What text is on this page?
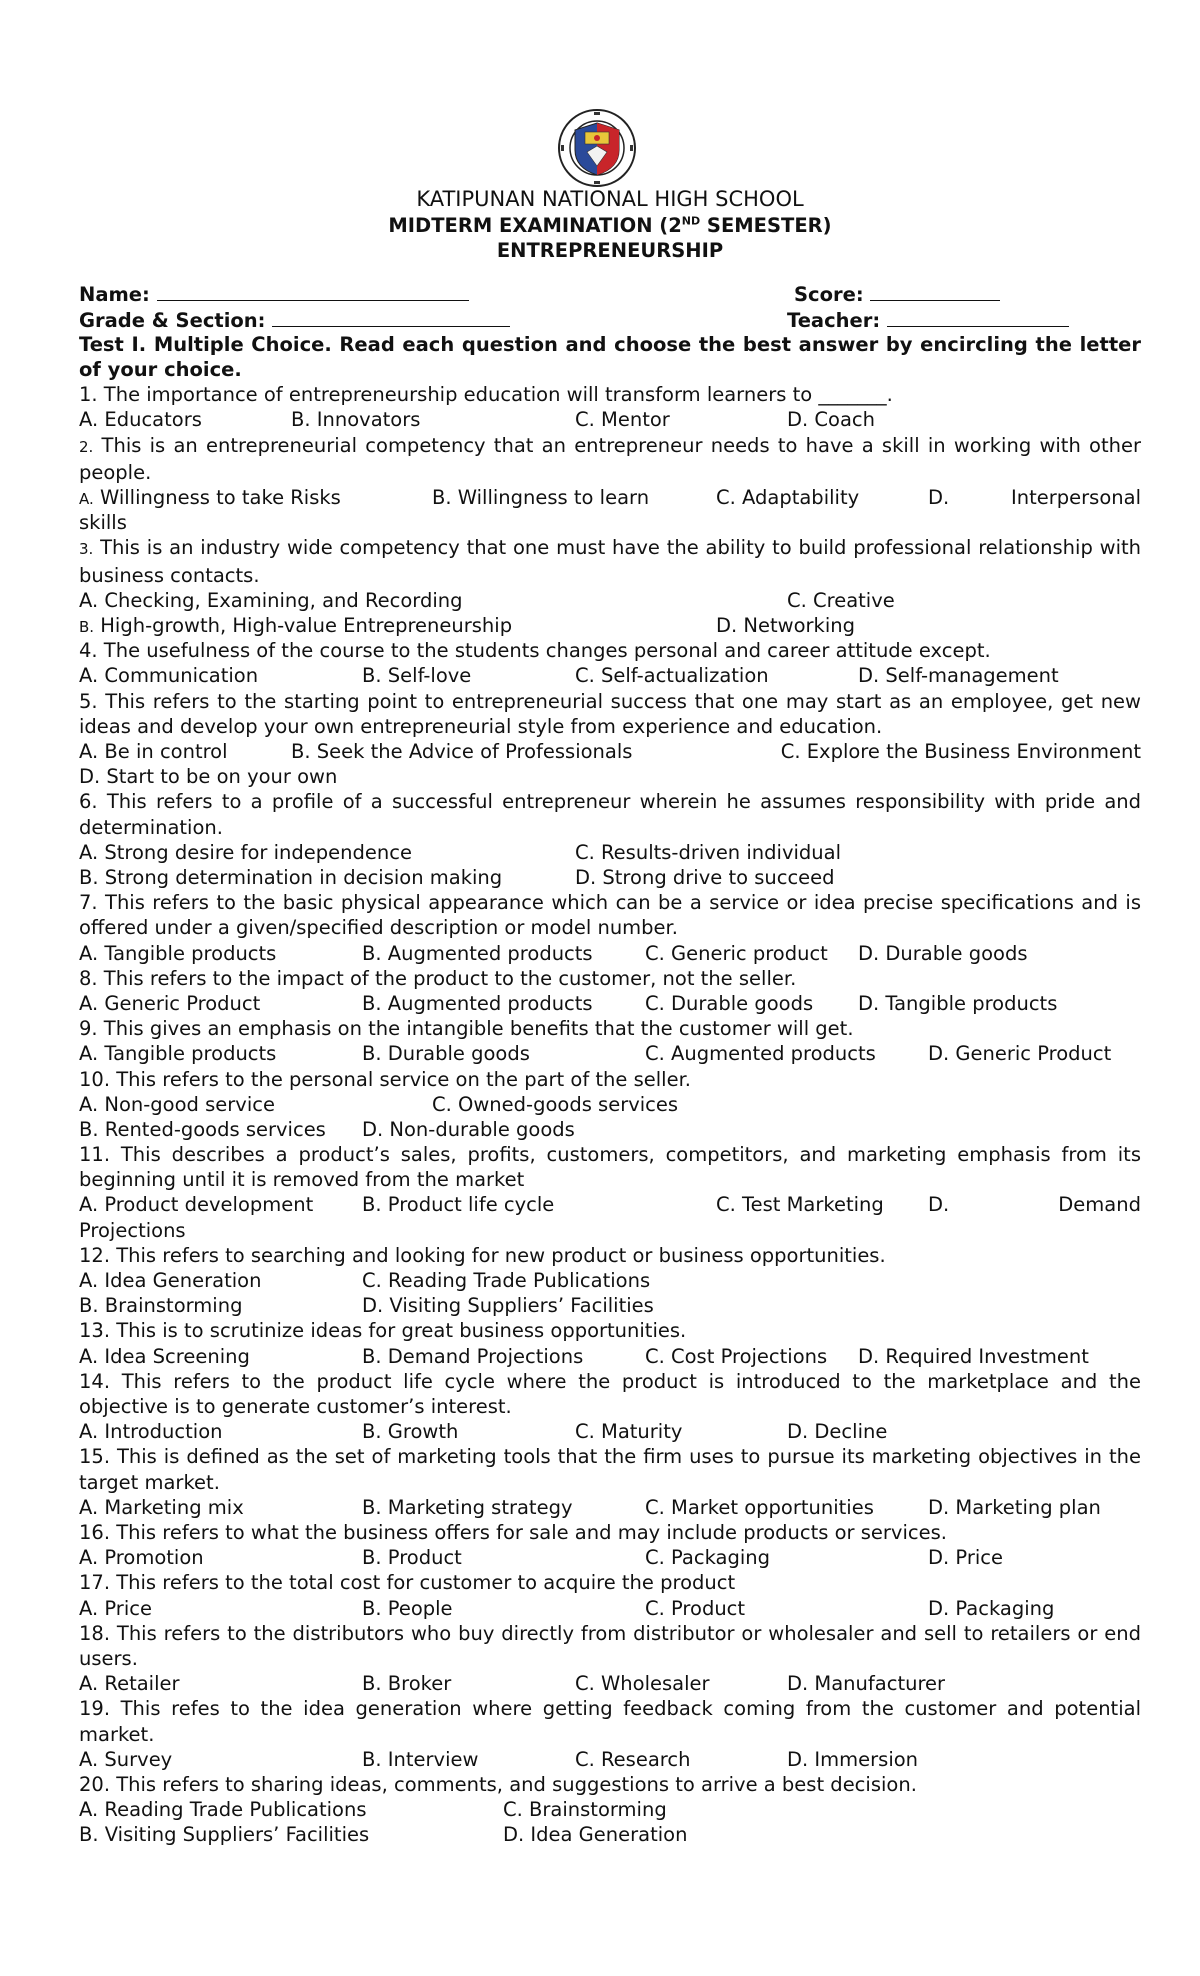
KATIPUNAN NATIONAL HIGH SCHOOL
MIDTERM EXAMINATION (2ND SEMESTER)
ENTREPRENEURSHIP
Name:	Score:
Grade & Section:	Teacher:
Test I. Multiple Choice. Read each question and choose the best answer by encircling the letter of your choice.
1. The importance of entrepreneurship education will transform learners to _______.
A. Educators	B. Innovators	C. Mentor	D. Coach
2. This is an entrepreneurial competency that an entrepreneur needs to have a skill in working with other people.
A. Willingness to take Risks	B. Willingness to learn	C. Adaptability	D.	Interpersonal
skills
3. This is an industry wide competency that one must have the ability to build professional relationship with business contacts.
A. Checking, Examining, and Recording	C. Creative
B. High-growth, High-value Entrepreneurship	D. Networking
4. The usefulness of the course to the students changes personal and career attitude except.
A. Communication	B. Self-love	C. Self-actualization	D. Self-management
5. This refers to the starting point to entrepreneurial success that one may start as an employee, get new ideas and develop your own entrepreneurial style from experience and education.
A. Be in control	B. Seek the Advice of Professionals	C. Explore the Business Environment
D. Start to be on your own
6. This refers to a profile of a successful entrepreneur wherein he assumes responsibility with pride and determination.
A. Strong desire for independence	C. Results-driven individual
B. Strong determination in decision making	D. Strong drive to succeed
7. This refers to the basic physical appearance which can be a service or idea precise specifications and is offered under a given/specified description or model number.
A. Tangible products	B. Augmented products	C. Generic product D. Durable goods
8. This refers to the impact of the product to the customer, not the seller.
A. Generic Product	B. Augmented products	C. Durable goods D. Tangible products
9. This gives an emphasis on the intangible benefits that the customer will get.
A. Tangible products	B. Durable goods	C. Augmented products	D. Generic Product
10. This refers to the personal service on the part of the seller.
A. Non-good service	C. Owned-goods services
B. Rented-goods services D. Non-durable goods
11. This describes a product’s sales, profits, customers, competitors, and marketing emphasis from its beginning until it is removed from the market
A. Product development B. Product life cycle	C. Test Marketing D.	Demand
Projections
12. This refers to searching and looking for new product or business opportunities.
A. Idea Generation	C. Reading Trade Publications
B. Brainstorming	D. Visiting Suppliers’ Facilities
13. This is to scrutinize ideas for great business opportunities.
A. Idea Screening	B. Demand Projections	C. Cost Projections D. Required Investment
14. This refers to the product life cycle where the product is introduced to the marketplace and the objective is to generate customer’s interest.
A. Introduction	B. Growth	C. Maturity	D. Decline
15. This is defined as the set of marketing tools that the firm uses to pursue its marketing objectives in the target market.
A. Marketing mix	B. Marketing strategy	C. Market opportunities	D. Marketing plan
16. This refers to what the business offers for sale and may include products or services.
A. Promotion	B. Product	C. Packaging	D. Price
17. This refers to the total cost for customer to acquire the product
A. Price	B. People	C. Product	D. Packaging
18. This refers to the distributors who buy directly from distributor or wholesaler and sell to retailers or end users.
A. Retailer	B. Broker	C. Wholesaler	D. Manufacturer
19. This refes to the idea generation where getting feedback coming from the customer and potential market.
A. Survey	B. Interview	C. Research	D. Immersion
20. This refers to sharing ideas, comments, and suggestions to arrive a best decision.
A. Reading Trade Publications	C. Brainstorming
B. Visiting Suppliers’ Facilities	D. Idea Generation
